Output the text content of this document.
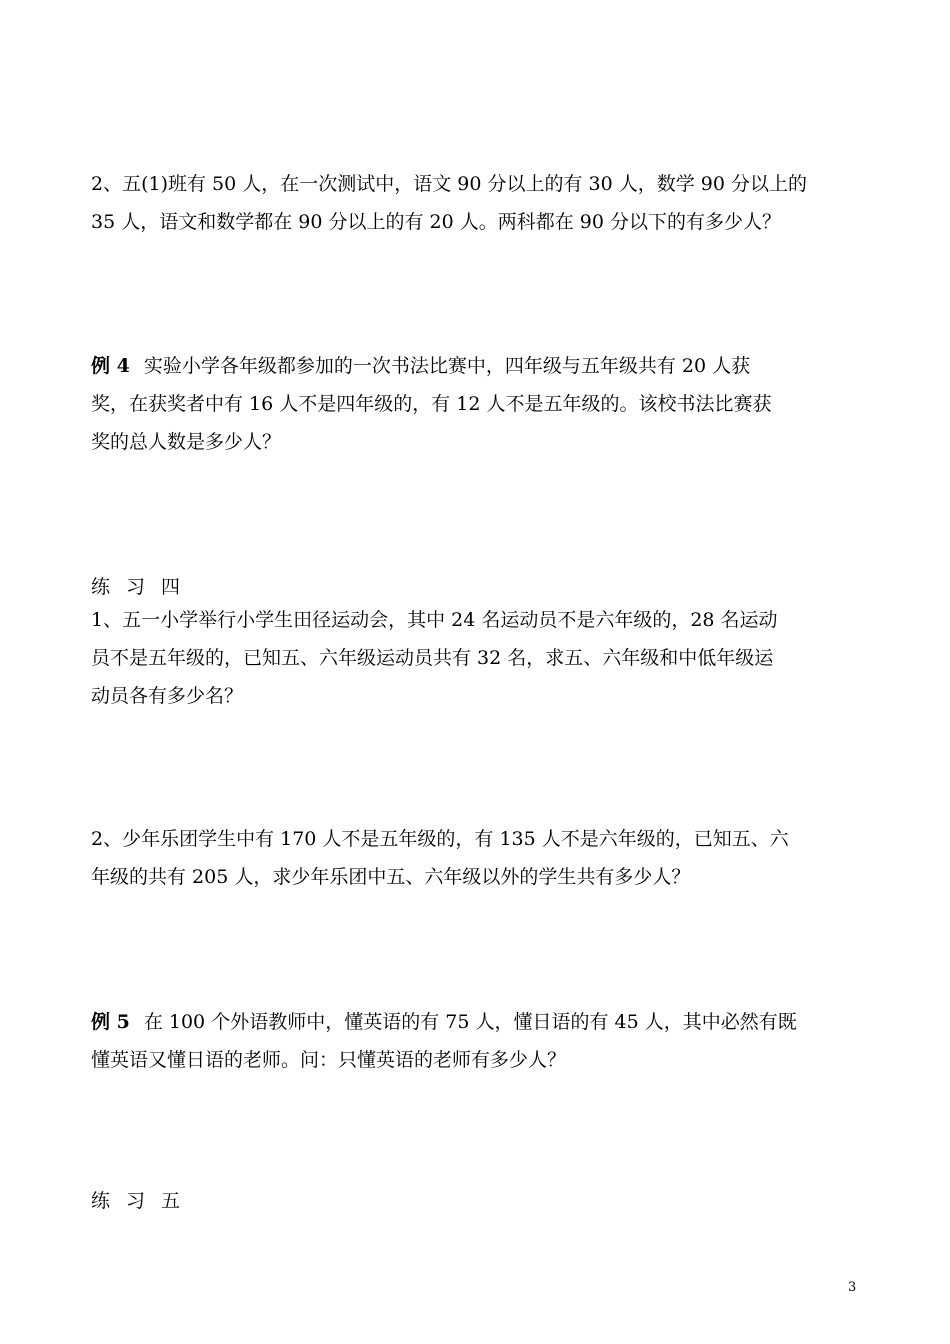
2、五(1)班有 50 人，在一次测试中，语文 90 分以上的有 30 人，数学 90 分以上的
35 人，语文和数学都在 90 分以上的有 20 人。两科都在 90 分以下的有多少人？
例 4 实验小学各年级都参加的一次书法比赛中，四年级与五年级共有 20 人获
奖，在获奖者中有 16 人不是四年级的，有 12 人不是五年级的。该校书法比赛获
奖的总人数是多少人？
练习四
1、五一小学举行小学生田径运动会，其中 24 名运动员不是六年级的，28 名运动
员不是五年级的，已知五、六年级运动员共有 32 名，求五、六年级和中低年级运
动员各有多少名？
2、少年乐团学生中有 170 人不是五年级的，有 135 人不是六年级的，已知五、六
年级的共有 205 人，求少年乐团中五、六年级以外的学生共有多少人？
例 5 在 100 个外语教师中，懂英语的有 75 人，懂日语的有 45 人，其中必然有既
懂英语又懂日语的老师。问：只懂英语的老师有多少人？
练习五
3
